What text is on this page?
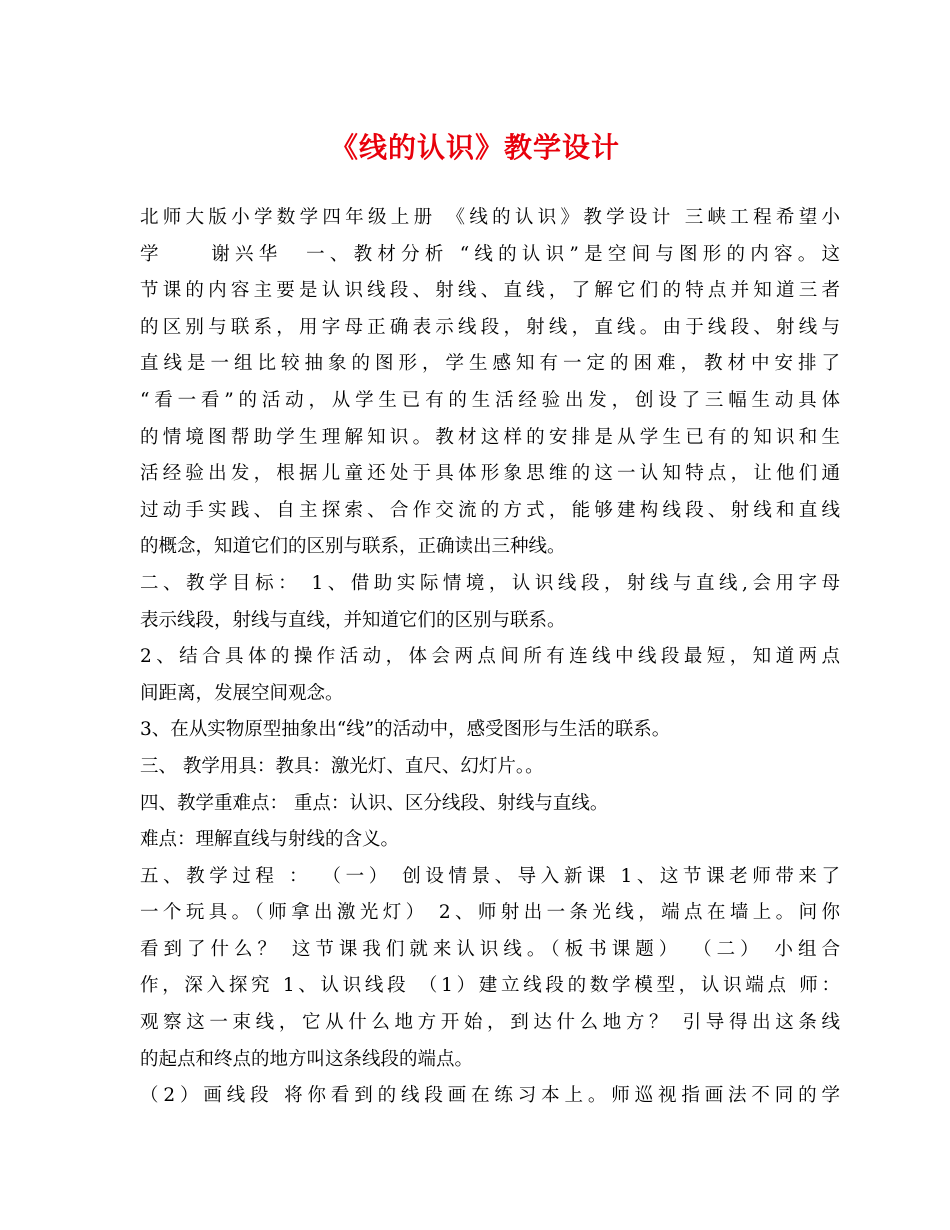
《线的认识》教学设计
北师大版小学数学四年级上册 《线的认识》教学设计 三峡工程希望小
学　　谢兴华　一、教材分析 “线的认识”是空间与图形的内容。这
节课的内容主要是认识线段、射线、直线，了解它们的特点并知道三者
的区别与联系，用字母正确表示线段，射线，直线。由于线段、射线与
直线是一组比较抽象的图形，学生感知有一定的困难，教材中安排了
“看一看”的活动，从学生已有的生活经验出发，创设了三幅生动具体
的情境图帮助学生理解知识。教材这样的安排是从学生已有的知识和生
活经验出发，根据儿童还处于具体形象思维的这一认知特点，让他们通
过动手实践、自主探索、合作交流的方式，能够建构线段、射线和直线
的概念，知道它们的区别与联系，正确读出三种线。
二、教学目标： 1、借助实际情境，认识线段，射线与直线,会用字母
表示线段，射线与直线，并知道它们的区别与联系。
2、结合具体的操作活动，体会两点间所有连线中线段最短，知道两点
间距离，发展空间观念。
3、在从实物原型抽象出“线”的活动中，感受图形与生活的联系。
三、 教学用具：教具：激光灯、直尺、幻灯片。。
四、教学重难点： 重点：认识、区分线段、射线与直线。
难点：理解直线与射线的含义。
五、教学过程 ： （一） 创设情景、导入新课 1、这节课老师带来了
一个玩具。（师拿出激光灯） 2、师射出一条光线，端点在墙上。问你
看到了什么？ 这节课我们就来认识线。（板书课题） （二） 小组合
作，深入探究 1、认识线段 （1）建立线段的数学模型，认识端点 师：
观察这一束线，它从什么地方开始，到达什么地方？ 引导得出这条线
的起点和终点的地方叫这条线段的端点。
（2）画线段 将你看到的线段画在练习本上。师巡视指画法不同的学
